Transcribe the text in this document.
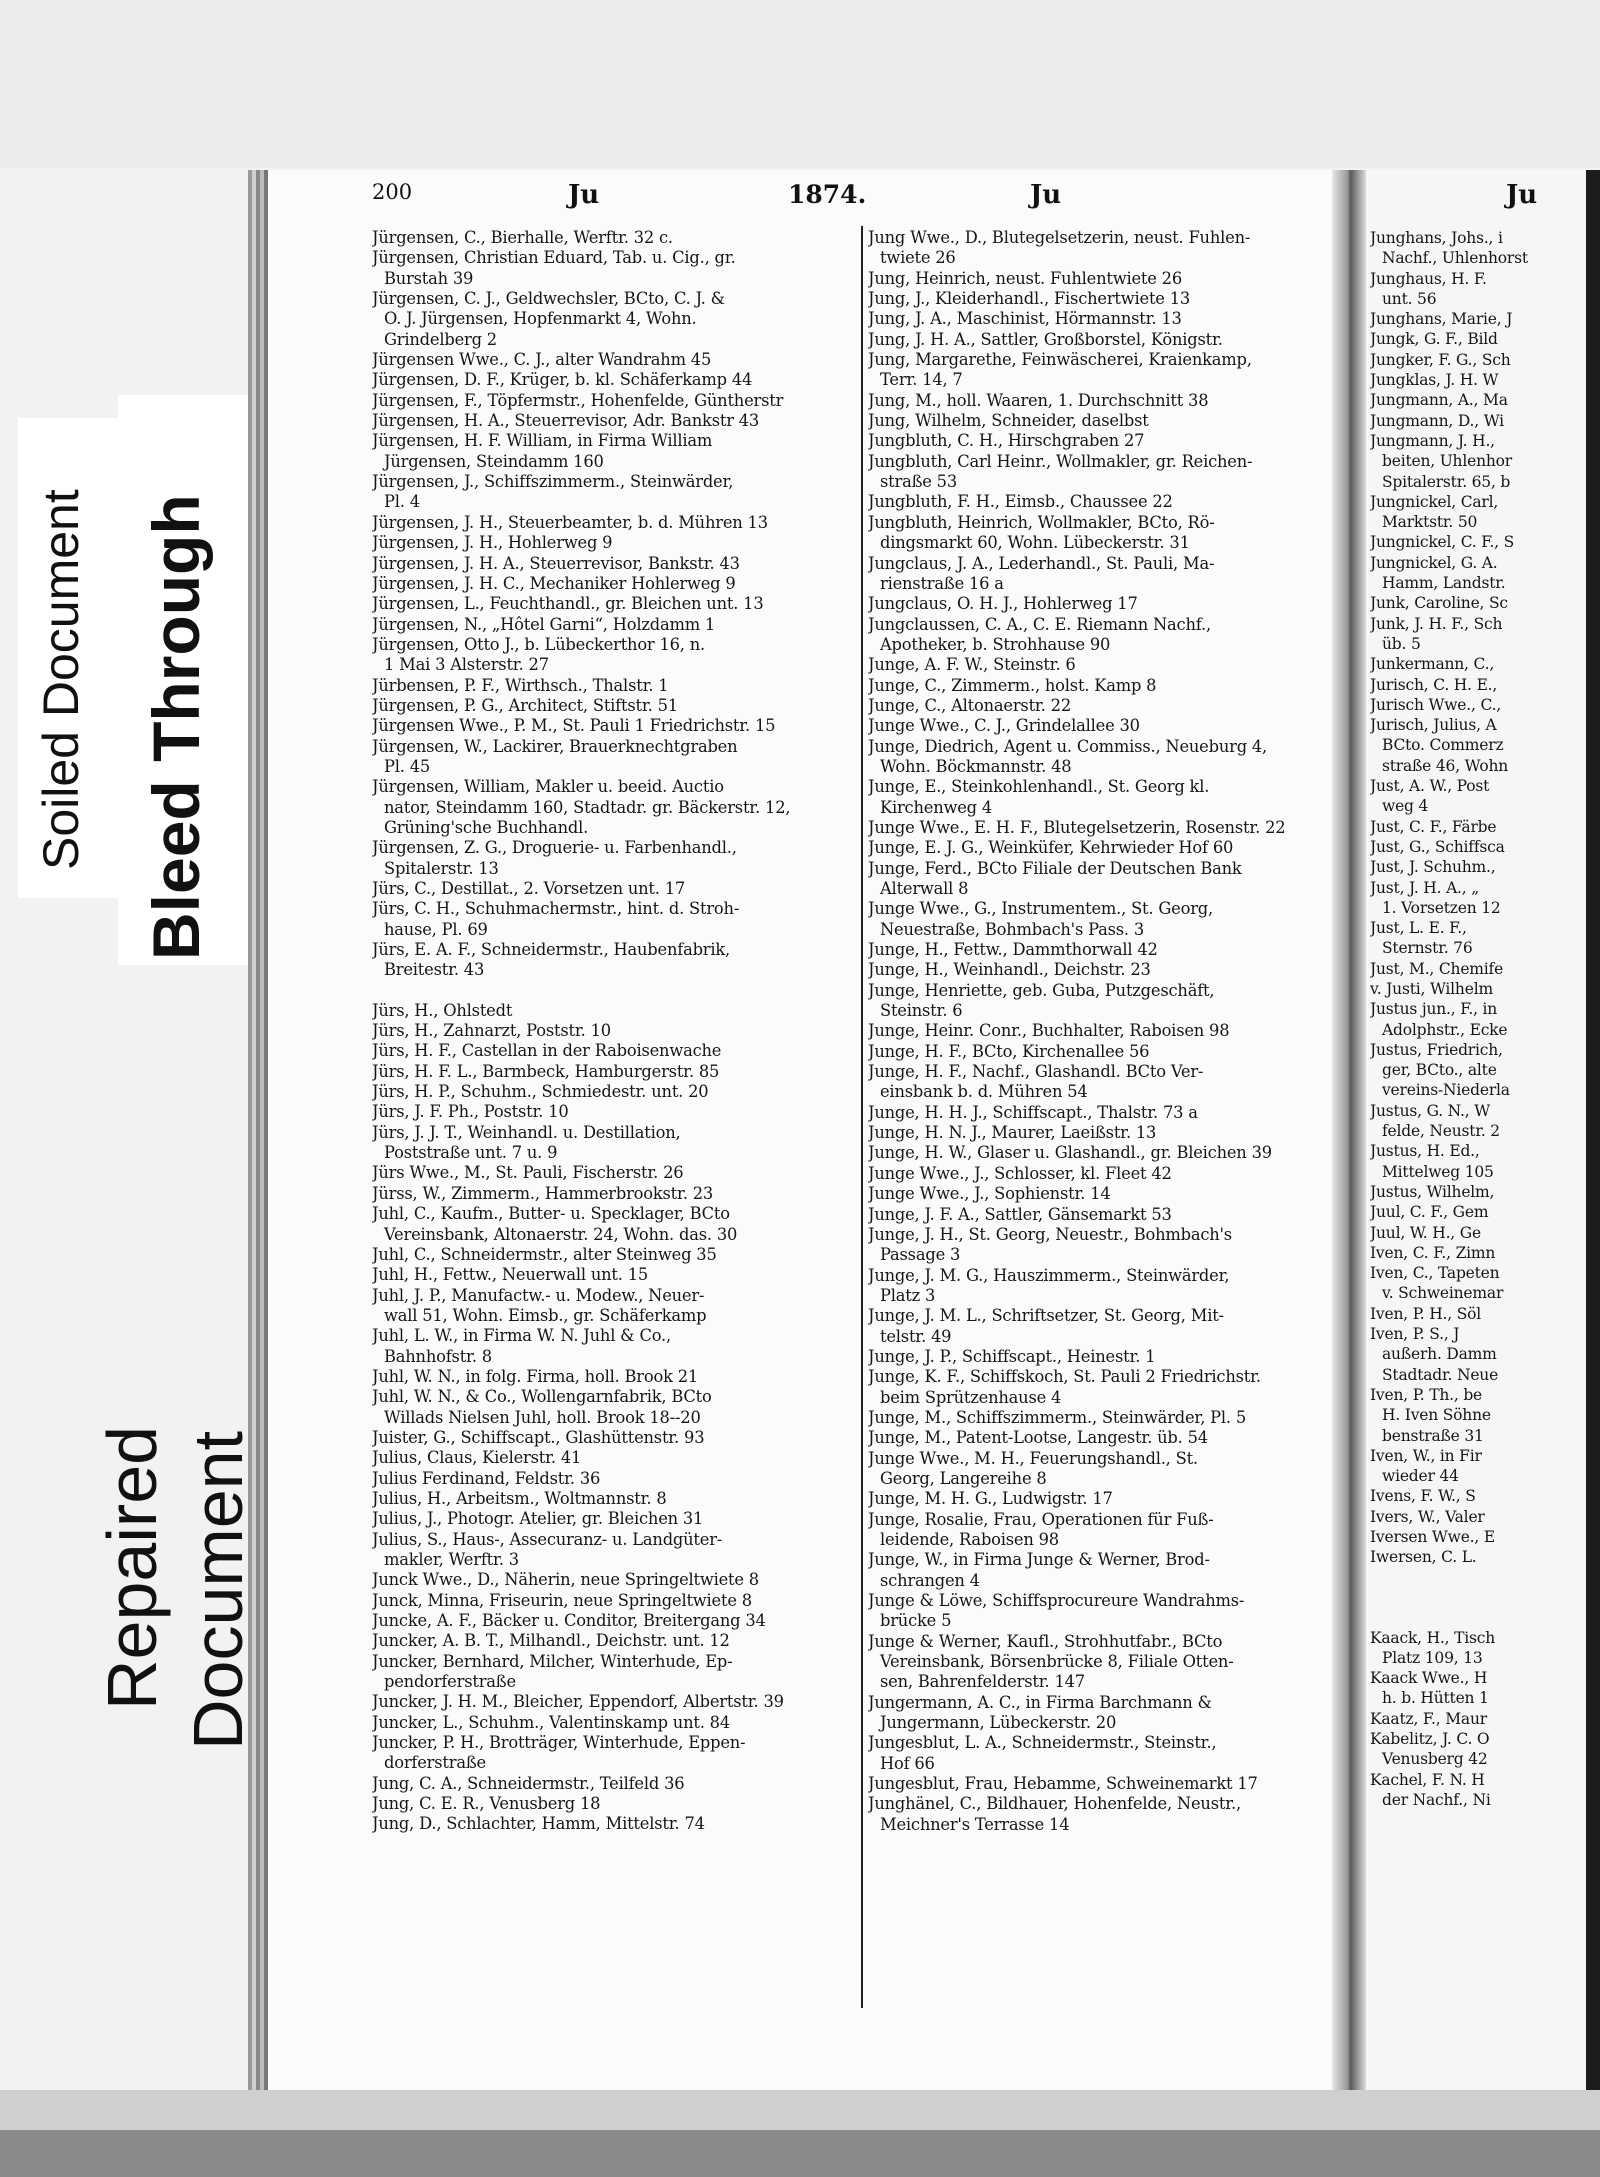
Soiled Document Bleed Through
Repaired Document
200	Ju	1874.	Ju
Jürgensen, C., Bierhalle, Werftr. 32 c.
Jürgensen, Christian Eduard, Tab. u. Cig., gr.
Burstah 39
Jürgensen, C. J., Geldwechsler, BCto, C. J. &
O. J. Jürgensen, Hopfenmarkt 4, Wohn.
Grindelberg 2
Jürgensen Wwe., C. J., alter Wandrahm 45
Jürgensen, D. F., Krüger, b. kl. Schäferkamp 44
Jürgensen, F., Töpfermstr., Hohenfelde, Güntherstr
Jürgensen, H. A., Steuerrevisor, Adr. Bankstr 43
Jürgensen, H. F. William, in Firma William
Jürgensen, Steindamm 160
Jürgensen, J., Schiffszimmerm., Steinwärder,
Pl. 4
Jürgensen, J. H., Steuerbeamter, b. d. Mühren 13
Jürgensen, J. H., Hohlerweg 9
Jürgensen, J. H. A., Steuerrevisor, Bankstr. 43
Jürgensen, J. H. C., Mechaniker Hohlerweg 9
Jürgensen, L., Feuchthandl., gr. Bleichen unt. 13
Jürgensen, N., „Hôtel Garni“, Holzdamm 1
Jürgensen, Otto J., b. Lübeckerthor 16, n.
1 Mai 3 Alsterstr. 27
Jürbensen, P. F., Wirthsch., Thalstr. 1
Jürgensen, P. G., Architect, Stiftstr. 51
Jürgensen Wwe., P. M., St. Pauli 1 Friedrichstr. 15
Jürgensen, W., Lackirer, Brauerknechtgraben
Pl. 45
Jürgensen, William, Makler u. beeid. Auctio
nator, Steindamm 160, Stadtadr. gr. Bäckerstr. 12,
Grüning'sche Buchhandl.
Jürgensen, Z. G., Droguerie- u. Farbenhandl.,
Spitalerstr. 13
Jürs, C., Destillat., 2. Vorsetzen unt. 17
Jürs, C. H., Schuhmachermstr., hint. d. Stroh-
hause, Pl. 69
Jürs, E. A. F., Schneidermstr., Haubenfabrik,
Breitestr. 43
Jürs, H., Ohlstedt
Jürs, H., Zahnarzt, Poststr. 10
Jürs, H. F., Castellan in der Raboisenwache
Jürs, H. F. L., Barmbeck, Hamburgerstr. 85
Jürs, H. P., Schuhm., Schmiedestr. unt. 20
Jürs, J. F. Ph., Poststr. 10
Jürs, J. J. T., Weinhandl. u. Destillation,
Poststraße unt. 7 u. 9
Jürs Wwe., M., St. Pauli, Fischerstr. 26
Jürss, W., Zimmerm., Hammerbrookstr. 23
Juhl, C., Kaufm., Butter- u. Specklager, BCto
Vereinsbank, Altonaerstr. 24, Wohn. das. 30
Juhl, C., Schneidermstr., alter Steinweg 35
Juhl, H., Fettw., Neuerwall unt. 15
Juhl, J. P., Manufactw.- u. Modew., Neuer-
wall 51, Wohn. Eimsb., gr. Schäferkamp
Juhl, L. W., in Firma W. N. Juhl & Co.,
Bahnhofstr. 8
Juhl, W. N., in folg. Firma, holl. Brook 21
Juhl, W. N., & Co., Wollengarnfabrik, BCto
Willads Nielsen Juhl, holl. Brook 18--20
Juister, G., Schiffscapt., Glashüttenstr. 93
Julius, Claus, Kielerstr. 41
Julius Ferdinand, Feldstr. 36
Julius, H., Arbeitsm., Woltmannstr. 8
Julius, J., Photogr. Atelier, gr. Bleichen 31
Julius, S., Haus-, Assecuranz- u. Landgüter-
makler, Werftr. 3
Junck Wwe., D., Näherin, neue Springeltwiete 8
Junck, Minna, Friseurin, neue Springeltwiete 8
Juncke, A. F., Bäcker u. Conditor, Breitergang 34
Juncker, A. B. T., Milhandl., Deichstr. unt. 12
Juncker, Bernhard, Milcher, Winterhude, Ep-
pendorferstraße
Juncker, J. H. M., Bleicher, Eppendorf, Albertstr. 39
Juncker, L., Schuhm., Valentinskamp unt. 84
Juncker, P. H., Brotträger, Winterhude, Eppen-
dorferstraße
Jung, C. A., Schneidermstr., Teilfeld 36
Jung, C. E. R., Venusberg 18
Jung, D., Schlachter, Hamm, Mittelstr. 74
Jung Wwe., D., Blutegelsetzerin, neust. Fuhlen-
twiete 26
Jung, Heinrich, neust. Fuhlentwiete 26
Jung, J., Kleiderhandl., Fischertwiete 13
Jung, J. A., Maschinist, Hörmannstr. 13
Jung, J. H. A., Sattler, Großborstel, Königstr.
Jung, Margarethe, Feinwäscherei, Kraienkamp,
Terr. 14, 7
Jung, M., holl. Waaren, 1. Durchschnitt 38
Jung, Wilhelm, Schneider, daselbst
Jungbluth, C. H., Hirschgraben 27
Jungbluth, Carl Heinr., Wollmakler, gr. Reichen-
straße 53
Jungbluth, F. H., Eimsb., Chaussee 22
Jungbluth, Heinrich, Wollmakler, BCto, Rö-
dingsmarkt 60, Wohn. Lübeckerstr. 31
Jungclaus, J. A., Lederhandl., St. Pauli, Ma-
rienstraße 16 a
Jungclaus, O. H. J., Hohlerweg 17
Jungclaussen, C. A., C. E. Riemann Nachf.,
Apotheker, b. Strohhause 90
Junge, A. F. W., Steinstr. 6
Junge, C., Zimmerm., holst. Kamp 8
Junge, C., Altonaerstr. 22
Junge Wwe., C. J., Grindelallee 30
Junge, Diedrich, Agent u. Commiss., Neueburg 4,
Wohn. Böckmannstr. 48
Junge, E., Steinkohlenhandl., St. Georg kl.
Kirchenweg 4
Junge Wwe., E. H. F., Blutegelsetzerin, Rosenstr. 22
Junge, E. J. G., Weinküfer, Kehrwieder Hof 60
Junge, Ferd., BCto Filiale der Deutschen Bank
Alterwall 8
Junge Wwe., G., Instrumentem., St. Georg,
Neuestraße, Bohmbach's Pass. 3
Junge, H., Fettw., Dammthorwall 42
Junge, H., Weinhandl., Deichstr. 23
Junge, Henriette, geb. Guba, Putzgeschäft,
Steinstr. 6
Junge, Heinr. Conr., Buchhalter, Raboisen 98
Junge, H. F., BCto, Kirchenallee 56
Junge, H. F., Nachf., Glashandl. BCto Ver-
einsbank b. d. Mühren 54
Junge, H. H. J., Schiffscapt., Thalstr. 73 a
Junge, H. N. J., Maurer, Laeißstr. 13
Junge, H. W., Glaser u. Glashandl., gr. Bleichen 39
Junge Wwe., J., Schlosser, kl. Fleet 42
Junge Wwe., J., Sophienstr. 14
Junge, J. F. A., Sattler, Gänsemarkt 53
Junge, J. H., St. Georg, Neuestr., Bohmbach's
Passage 3
Junge, J. M. G., Hauszimmerm., Steinwärder,
Platz 3
Junge, J. M. L., Schriftsetzer, St. Georg, Mit-
telstr. 49
Junge, J. P., Schiffscapt., Heinestr. 1
Junge, K. F., Schiffskoch, St. Pauli 2 Friedrichstr.
beim Sprützenhause 4
Junge, M., Schiffszimmerm., Steinwärder, Pl. 5
Junge, M., Patent-Lootse, Langestr. üb. 54
Junge Wwe., M. H., Feuerungshandl., St.
Georg, Langereihe 8
Junge, M. H. G., Ludwigstr. 17
Junge, Rosalie, Frau, Operationen für Fuß-
leidende, Raboisen 98
Junge, W., in Firma Junge & Werner, Brod-
schrangen 4
Junge & Löwe, Schiffsprocureure Wandrahms-
brücke 5
Junge & Werner, Kaufl., Strohhutfabr., BCto
Vereinsbank, Börsenbrücke 8, Filiale Otten-
sen, Bahrenfelderstr. 147
Jungermann, A. C., in Firma Barchmann &
Jungermann, Lübeckerstr. 20
Jungesblut, L. A., Schneidermstr., Steinstr.,
Hof 66
Jungesblut, Frau, Hebamme, Schweinemarkt 17
Junghänel, C., Bildhauer, Hohenfelde, Neustr.,
Meichner's Terrasse 14
Ju
Junghans, Johs., i
Nachf., Uhlenhorst
Junghaus, H. F.
unt. 56
Junghans, Marie, J
Jungk, G. F., Bild
Jungker, F. G., Sch
Jungklas, J. H. W
Jungmann, A., Ma
Jungmann, D., Wi
Jungmann, J. H.,
beiten, Uhlenhor
Spitalerstr. 65, b
Jungnickel, Carl,
Marktstr. 50
Jungnickel, C. F., S
Jungnickel, G. A.
Hamm, Landstr.
Junk, Caroline, Sc
Junk, J. H. F., Sch
üb. 5
Junkermann, C.,
Jurisch, C. H. E.,
Jurisch Wwe., C.,
Jurisch, Julius, A
BCto. Commerz
straße 46, Wohn
Just, A. W., Post
weg 4
Just, C. F., Färbe
Just, G., Schiffsca
Just, J. Schuhm.,
Just, J. H. A., „
1. Vorsetzen 12
Just, L. E. F.,
Sternstr. 76
Just, M., Chemife
v. Justi, Wilhelm
Justus jun., F., in
Adolphstr., Ecke
Justus, Friedrich,
ger, BCto., alte
vereins-Niederla
Justus, G. N., W
felde, Neustr. 2
Justus, H. Ed.,
Mittelweg 105
Justus, Wilhelm,
Juul, C. F., Gem
Juul, W. H., Ge
Iven, C. F., Zimn
Iven, C., Tapeten
v. Schweinemar
Iven, P. H., Söl
Iven, P. S., J
außerh. Damm
Stadtadr. Neue
Iven, P. Th., be
H. Iven Söhne
benstraße 31
Iven, W., in Fir
wieder 44
Ivens, F. W., S
Ivers, W., Valer
Iversen Wwe., E
Iwersen, C. L.
Kaack, H., Tisch
Platz 109, 13
Kaack Wwe., H
h. b. Hütten 1
Kaatz, F., Maur
Kabelitz, J. C. O
Venusberg 42
Kachel, F. N. H
der Nachf., Ni
